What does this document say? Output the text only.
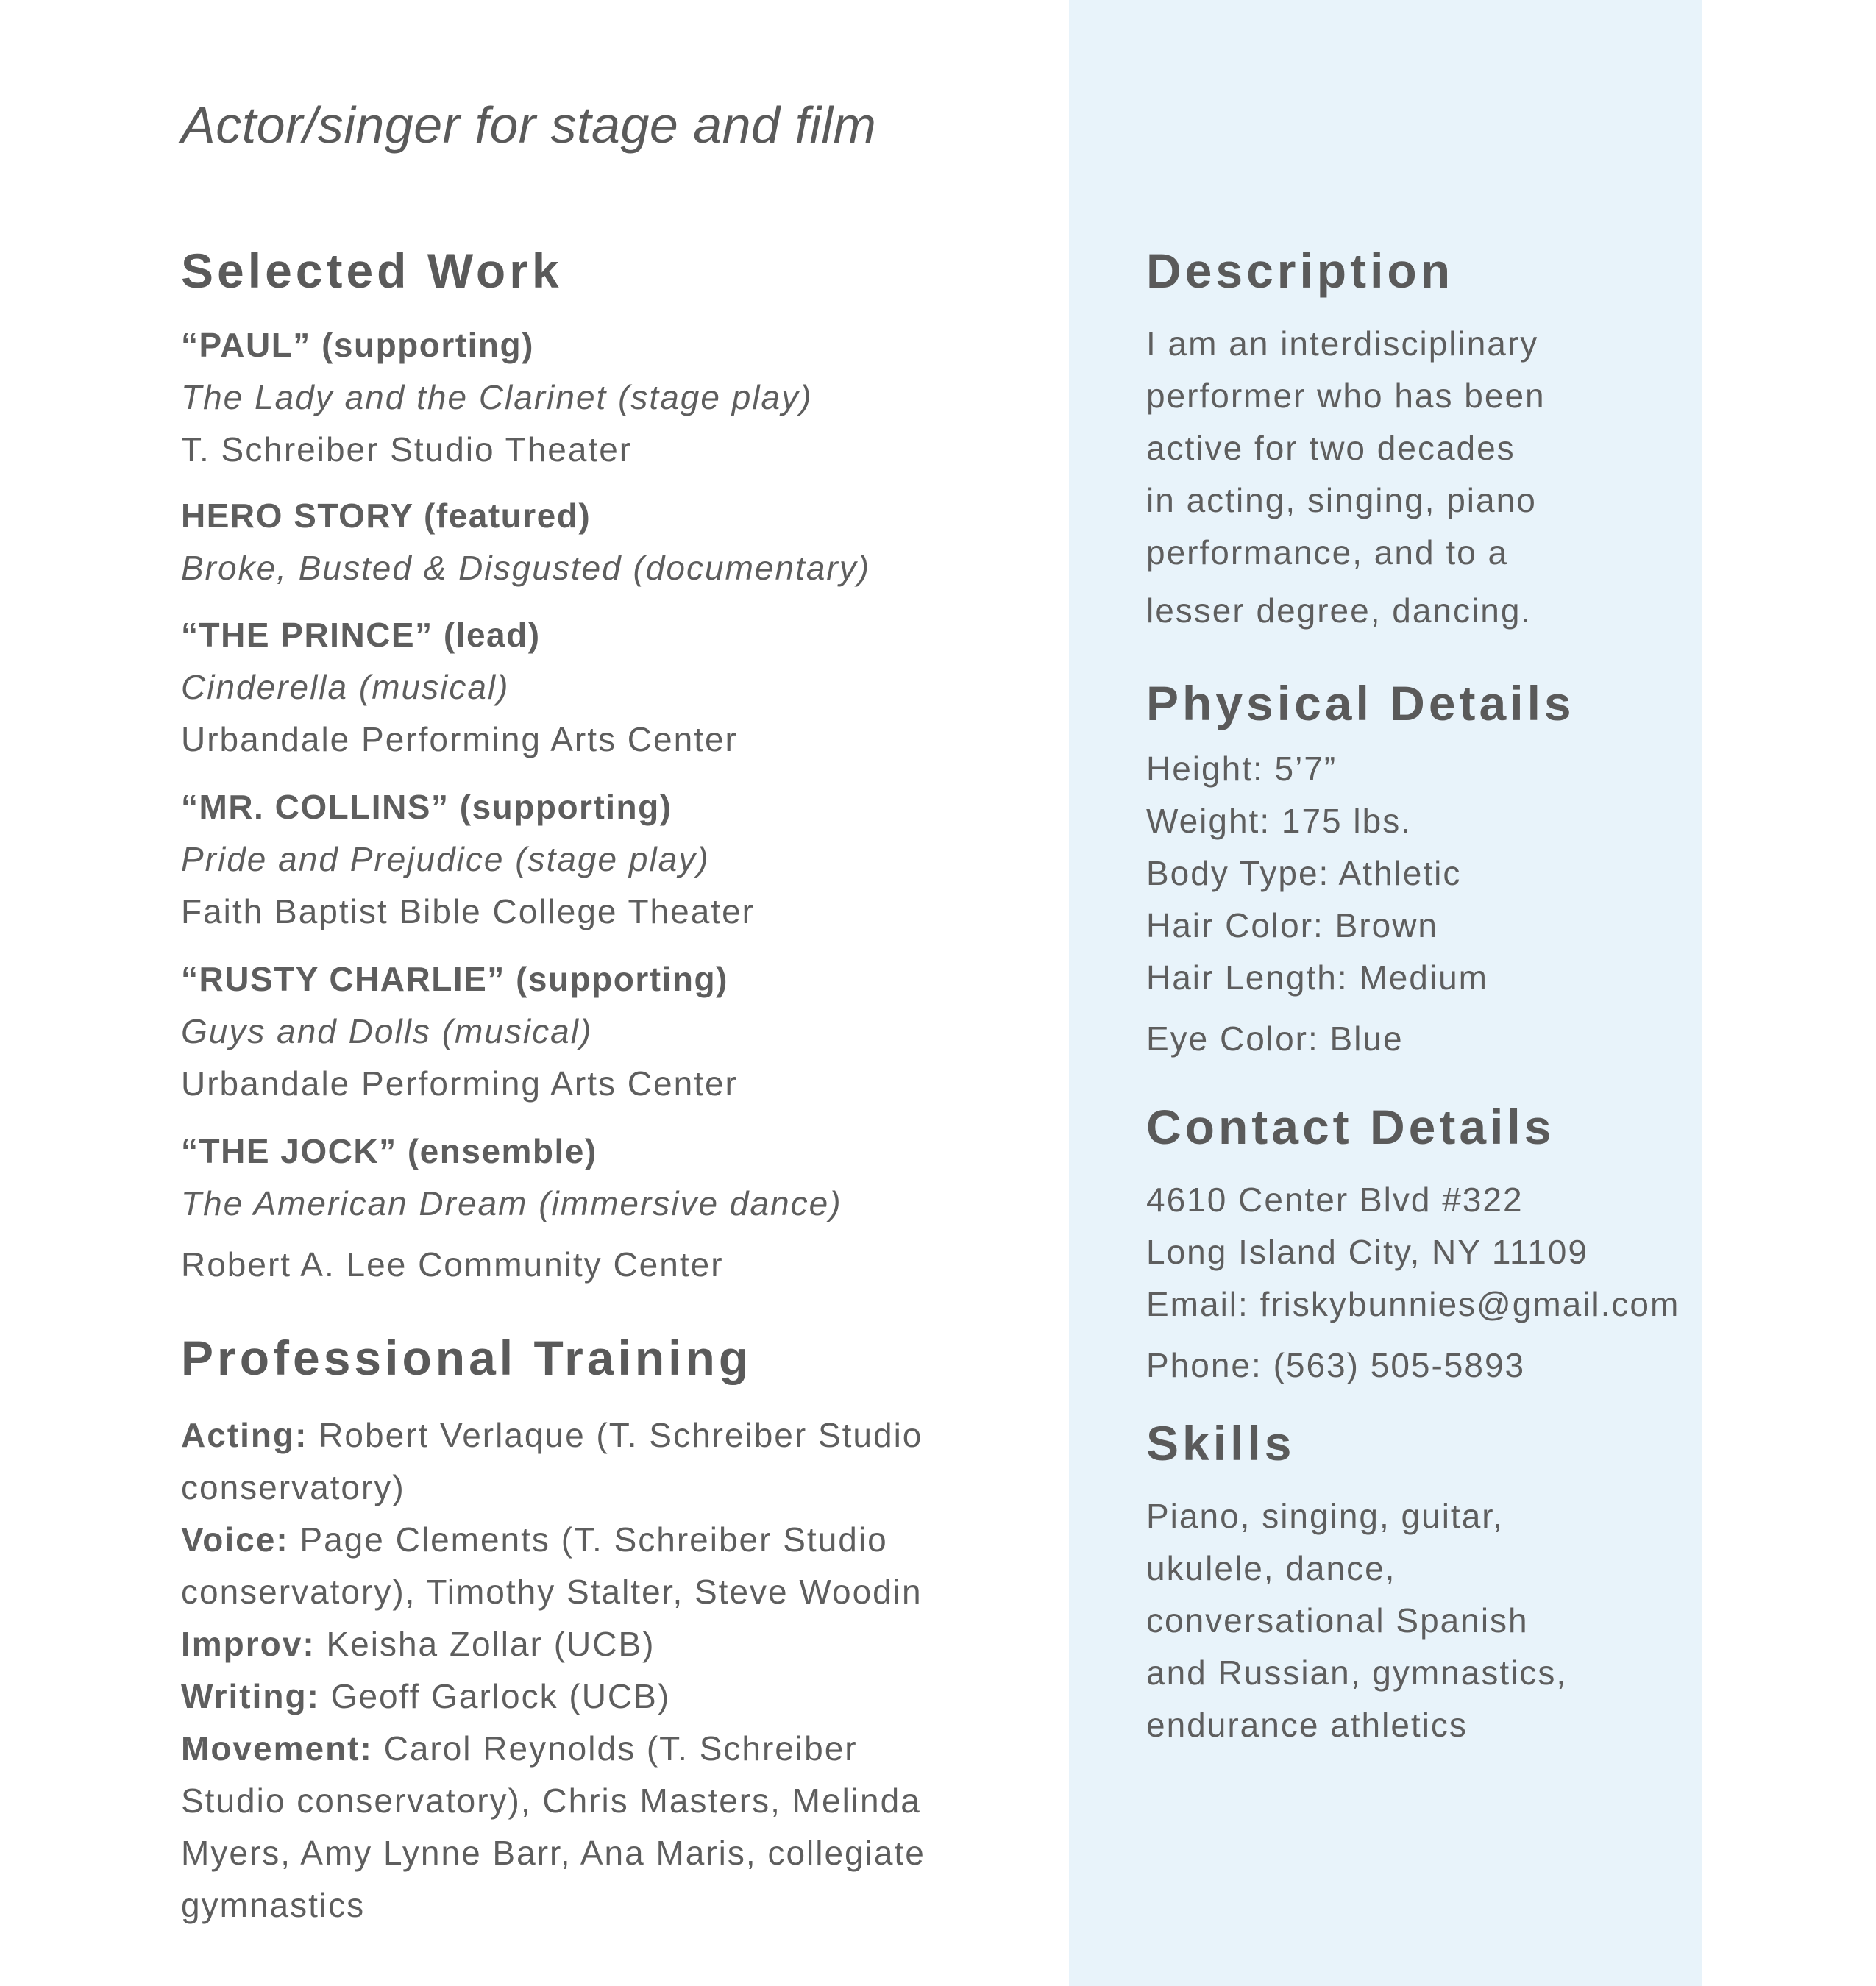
Actor/singer for stage and film
Selected Work
“PAUL” (supporting)
The Lady and the Clarinet (stage play)
T. Schreiber Studio Theater
HERO STORY (featured)
Broke, Busted & Disgusted (documentary)
“THE PRINCE” (lead)
Cinderella (musical)
Urbandale Performing Arts Center
“MR. COLLINS” (supporting)
Pride and Prejudice (stage play)
Faith Baptist Bible College Theater
“RUSTY CHARLIE” (supporting)
Guys and Dolls (musical)
Urbandale Performing Arts Center
“THE JOCK” (ensemble)
The American Dream (immersive dance)
Robert A. Lee Community Center
Professional Training
Acting: Robert Verlaque (T. Schreiber Studio
conservatory)
Voice: Page Clements (T. Schreiber Studio
conservatory), Timothy Stalter, Steve Woodin
Improv: Keisha Zollar (UCB)
Writing: Geoff Garlock (UCB)
Movement: Carol Reynolds (T. Schreiber
Studio conservatory), Chris Masters, Melinda
Myers, Amy Lynne Barr, Ana Maris, collegiate
gymnastics
Description
I am an interdisciplinary
performer who has been
active for two decades
in acting, singing, piano
performance, and to a
lesser degree, dancing.
Physical Details
Height: 5’7”
Weight: 175 lbs.
Body Type: Athletic
Hair Color: Brown
Hair Length: Medium
Eye Color: Blue
Contact Details
4610 Center Blvd #322
Long Island City, NY 11109
Email: friskybunnies@gmail.com
Phone: (563) 505-5893
Skills
Piano, singing, guitar,
ukulele, dance,
conversational Spanish
and Russian, gymnastics,
endurance athletics
